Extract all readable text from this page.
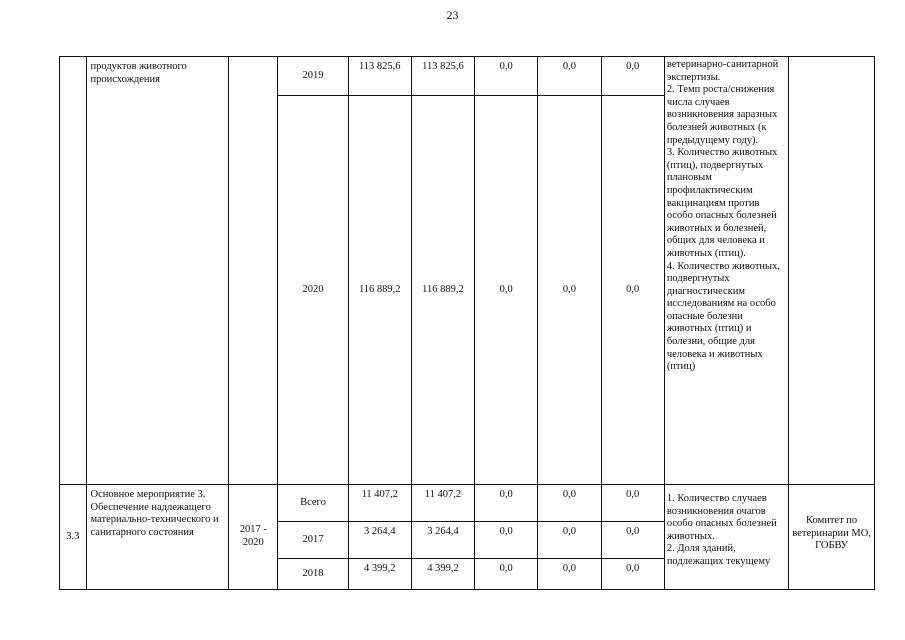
23
	продуктов животного происхождения		2019	113 825,6	113 825,6	0,0	0,0	0,0	ветеринарно-санитарной экспертизы.
2. Темп роста/снижения числа случаев возникновения заразных болезней животных (к предыдущему году).
3. Количество животных (птиц), подвергнутых плановым профилактическим вакцинациям против особо опасных болезней животных и болезней, общих для человека и животных (птиц).
4. Количество животных, подвергнутых диагностическим исследованиям на особо опасные болезни животных (птиц) и болезни, общие для человека и животных (птиц)	
			2020	116 889,2	116 889,2	0,0	0,0	0,0		
3.3	Основное мероприятие 3. Обеспечение надлежащего материально-технического и санитарного состояния	2017 - 2020	Всего	11 407,2	11 407,2	0,0	0,0	0,0	1. Количество случаев возникновения очагов особо опасных болезней животных.
2. Доля зданий, подлежащих текущему	Комитет по ветеринарии МО, ГОБВУ
			2017	3 264,4	3 264,4	0,0	0,0	0,0		
			2018	4 399,2	4 399,2	0,0	0,0	0,0		
